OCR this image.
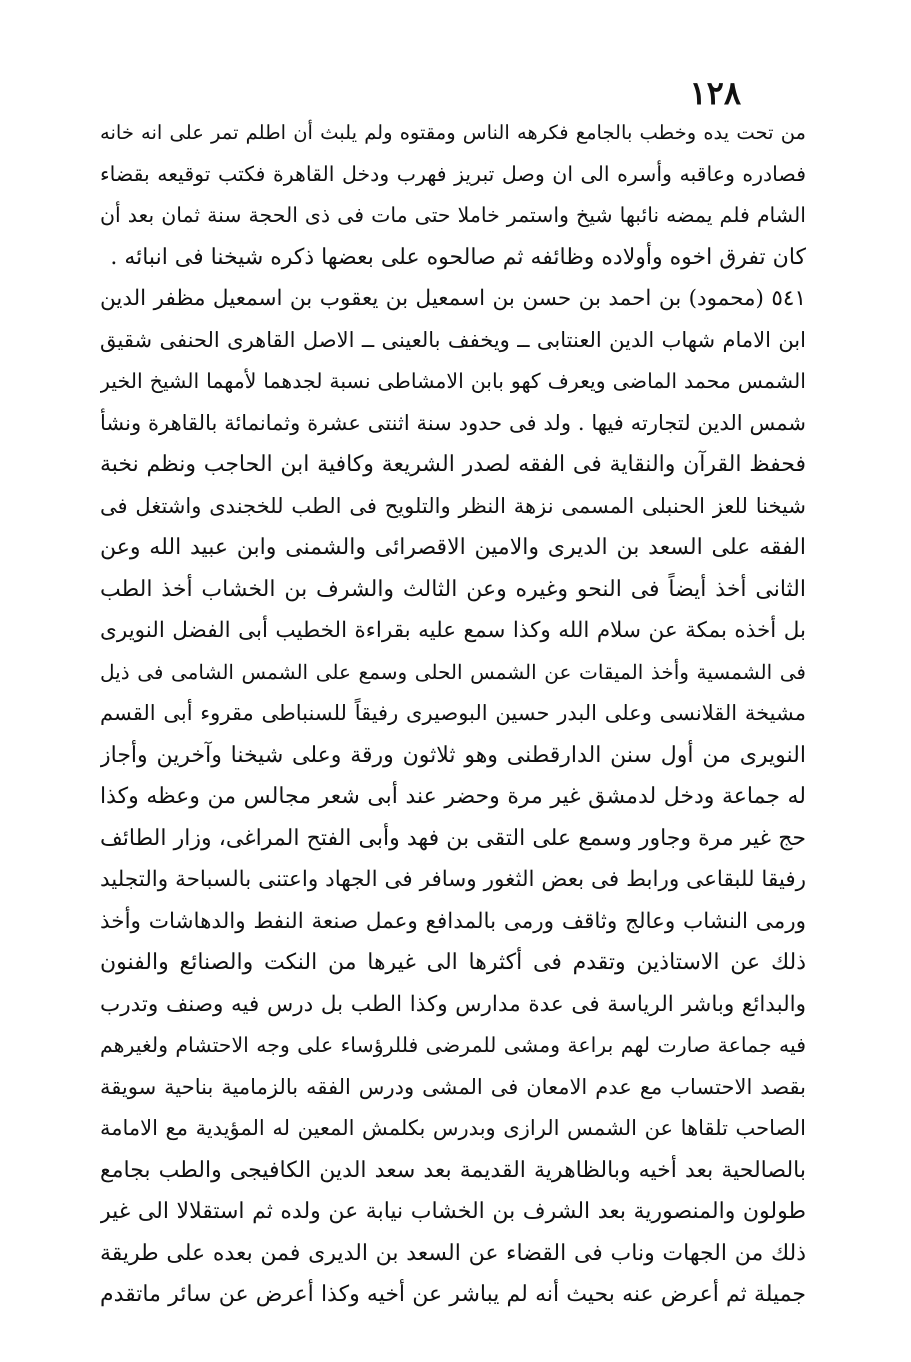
١٢٨
من تحت يده وخطب بالجامع فكرهه الناس ومقتوه ولم يلبث أن اطلم تمر على انه خانه
فصادره وعاقبه وأسره الى ان وصل تبريز فهرب ودخل القاهرة فكتب توقيعه بقضاء
الشام فلم يمضه نائبها شيخ واستمر خاملا حتى مات فى ذى الحجة سنة ثمان بعد أن
كان تفرق اخوه وأولاده وظائفه ثم صالحوه على بعضها ذكره شيخنا فى انبائه .
٥٤١ (محمود) بن احمد بن حسن بن اسمعيل بن يعقوب بن اسمعيل مظفر الدين
ابن الامام شهاب الدين العنتابى ــ ويخفف بالعينى ــ الاصل القاهرى الحنفى شقيق
الشمس محمد الماضى ويعرف كهو بابن الامشاطى نسبة لجدهما لأمهما الشيخ الخير
شمس الدين لتجارته فيها . ولد فى حدود سنة اثنتى عشرة وثمانمائة بالقاهرة ونشأ
فحفظ القرآن والنقاية فى الفقه لصدر الشريعة وكافية ابن الحاجب ونظم نخبة
شيخنا للعز الحنبلى المسمى نزهة النظر والتلويح فى الطب للخجندى واشتغل فى
الفقه على السعد بن الديرى والامين الاقصرائى والشمنى وابن عبيد الله وعن
الثانى أخذ أيضاً فى النحو وغيره وعن الثالث والشرف بن الخشاب أخذ الطب
بل أخذه بمكة عن سلام الله وكذا سمع عليه بقراءة الخطيب أبى الفضل النويرى
فى الشمسية وأخذ الميقات عن الشمس الحلى وسمع على الشمس الشامى فى ذيل
مشيخة القلانسى وعلى البدر حسين البوصيرى رفيقاً للسنباطى مقروء أبى القسم
النويرى من أول سنن الدارقطنى وهو ثلاثون ورقة وعلى شيخنا وآخرين وأجاز
له جماعة ودخل لدمشق غير مرة وحضر عند أبى شعر مجالس من وعظه وكذا
حج غير مرة وجاور وسمع على التقى بن فهد وأبى الفتح المراغى، وزار الطائف
رفيقا للبقاعى ورابط فى بعض الثغور وسافر فى الجهاد واعتنى بالسباحة والتجليد
ورمى النشاب وعالج وثاقف ورمى بالمدافع وعمل صنعة النفط والدهاشات وأخذ
ذلك عن الاستاذين وتقدم فى أكثرها الى غيرها من النكت والصنائع والفنون
والبدائع وباشر الرياسة فى عدة مدارس وكذا الطب بل درس فيه وصنف وتدرب
فيه جماعة صارت لهم براعة ومشى للمرضى فللرؤساء على وجه الاحتشام ولغيرهم
بقصد الاحتساب مع عدم الامعان فى المشى ودرس الفقه بالزمامية بناحية سويقة
الصاحب تلقاها عن الشمس الرازى وبدرس بكلمش المعين له المؤيدية مع الامامة
بالصالحية بعد أخيه وبالظاهرية القديمة بعد سعد الدين الكافيجى والطب بجامع
طولون والمنصورية بعد الشرف بن الخشاب نيابة عن ولده ثم استقلالا الى غير
ذلك من الجهات وناب فى القضاء عن السعد بن الديرى فمن بعده على طريقة
جميلة ثم أعرض عنه بحيث أنه لم يباشر عن أخيه وكذا أعرض عن سائر ماتقدم
